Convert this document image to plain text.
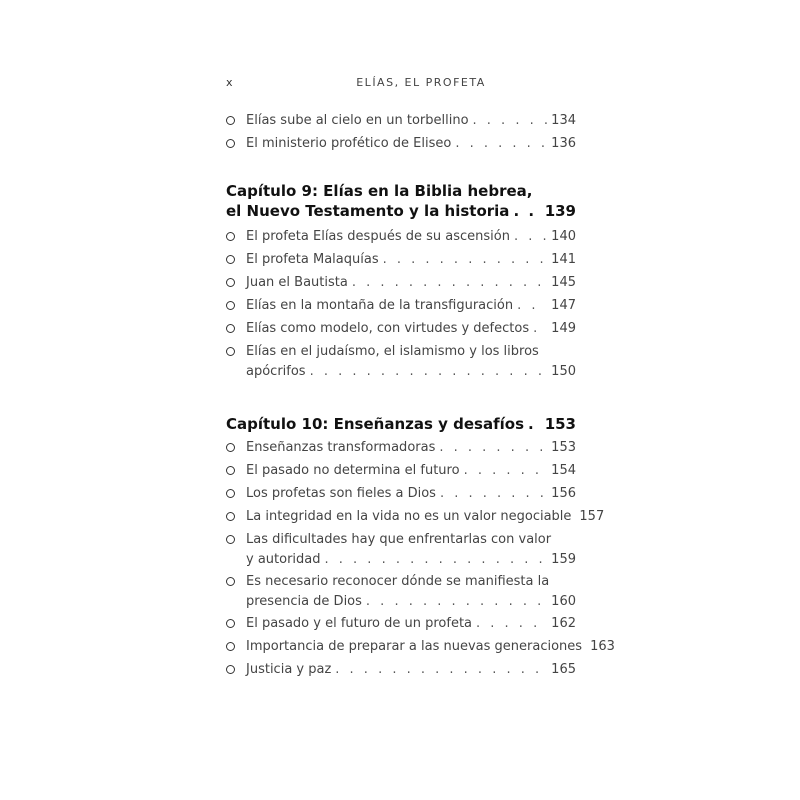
x	ELÍAS, EL PROFETA
Elías sube al cielo en un torbellino . . .	134
El ministerio profético de Eliseo . . .	136
Capítulo 9: Elías en la Biblia hebrea,
el Nuevo Testamento y la historia . . . 139
El profeta Elías después de su ascensión . . .	140
El profeta Malaquías . . .	141
Juan el Bautista . . .	145
Elías en la montaña de la transfiguración . . .	147
Elías como modelo, con virtudes y defectos . . . 149
Elías en el judaísmo, el islamismo y los libros
apócrifos . . .	150
Capítulo 10: Enseñanzas y desafíos . . . 153
Enseñanzas transformadoras . . .	153
El pasado no determina el futuro . . .	154
Los profetas son fieles a Dios . . .	156
La integridad en la vida no es un valor negociable 157
Las dificultades hay que enfrentarlas con valor
y autoridad . . .	159
Es necesario reconocer dónde se manifiesta la
presencia de Dios . . .	160
El pasado y el futuro de un profeta . . .	162
Importancia de preparar a las nuevas generaciones 163
Justicia y paz . . .	165
